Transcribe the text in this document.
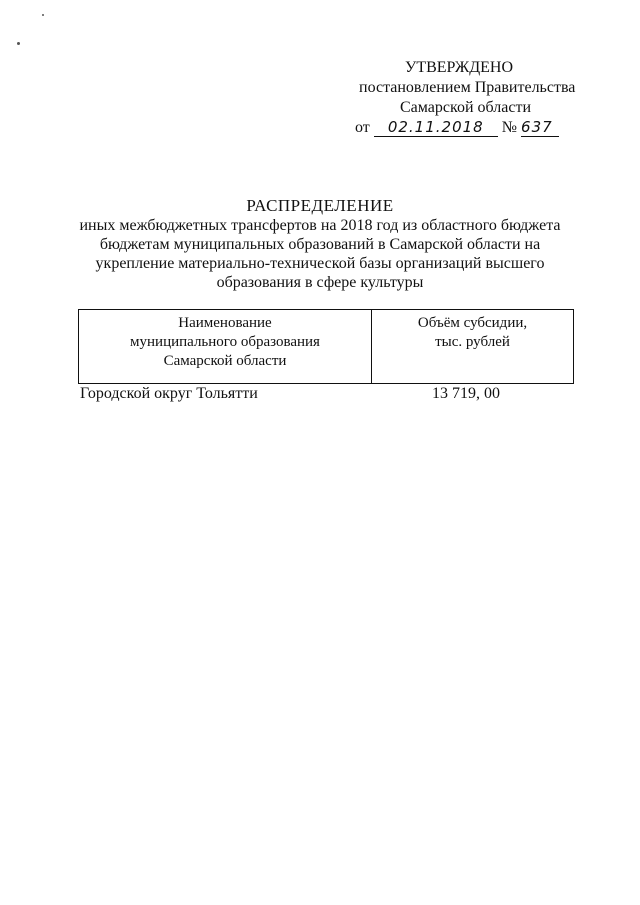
УТВЕРЖДЕНО
постановлением Правительства
Самарской области
от 02.11.2018 № 637
РАСПРЕДЕЛЕНИЕ
иных межбюджетных трансфертов на 2018 год из областного бюджета
бюджетам муниципальных образований в Самарской области на
укрепление материально-технической базы организаций высшего
образования в сфере культуры
Наименование
муниципального образования
Самарской области
Объём субсидии,
тыс. рублей
Городской округ Тольятти	13 719, 00
